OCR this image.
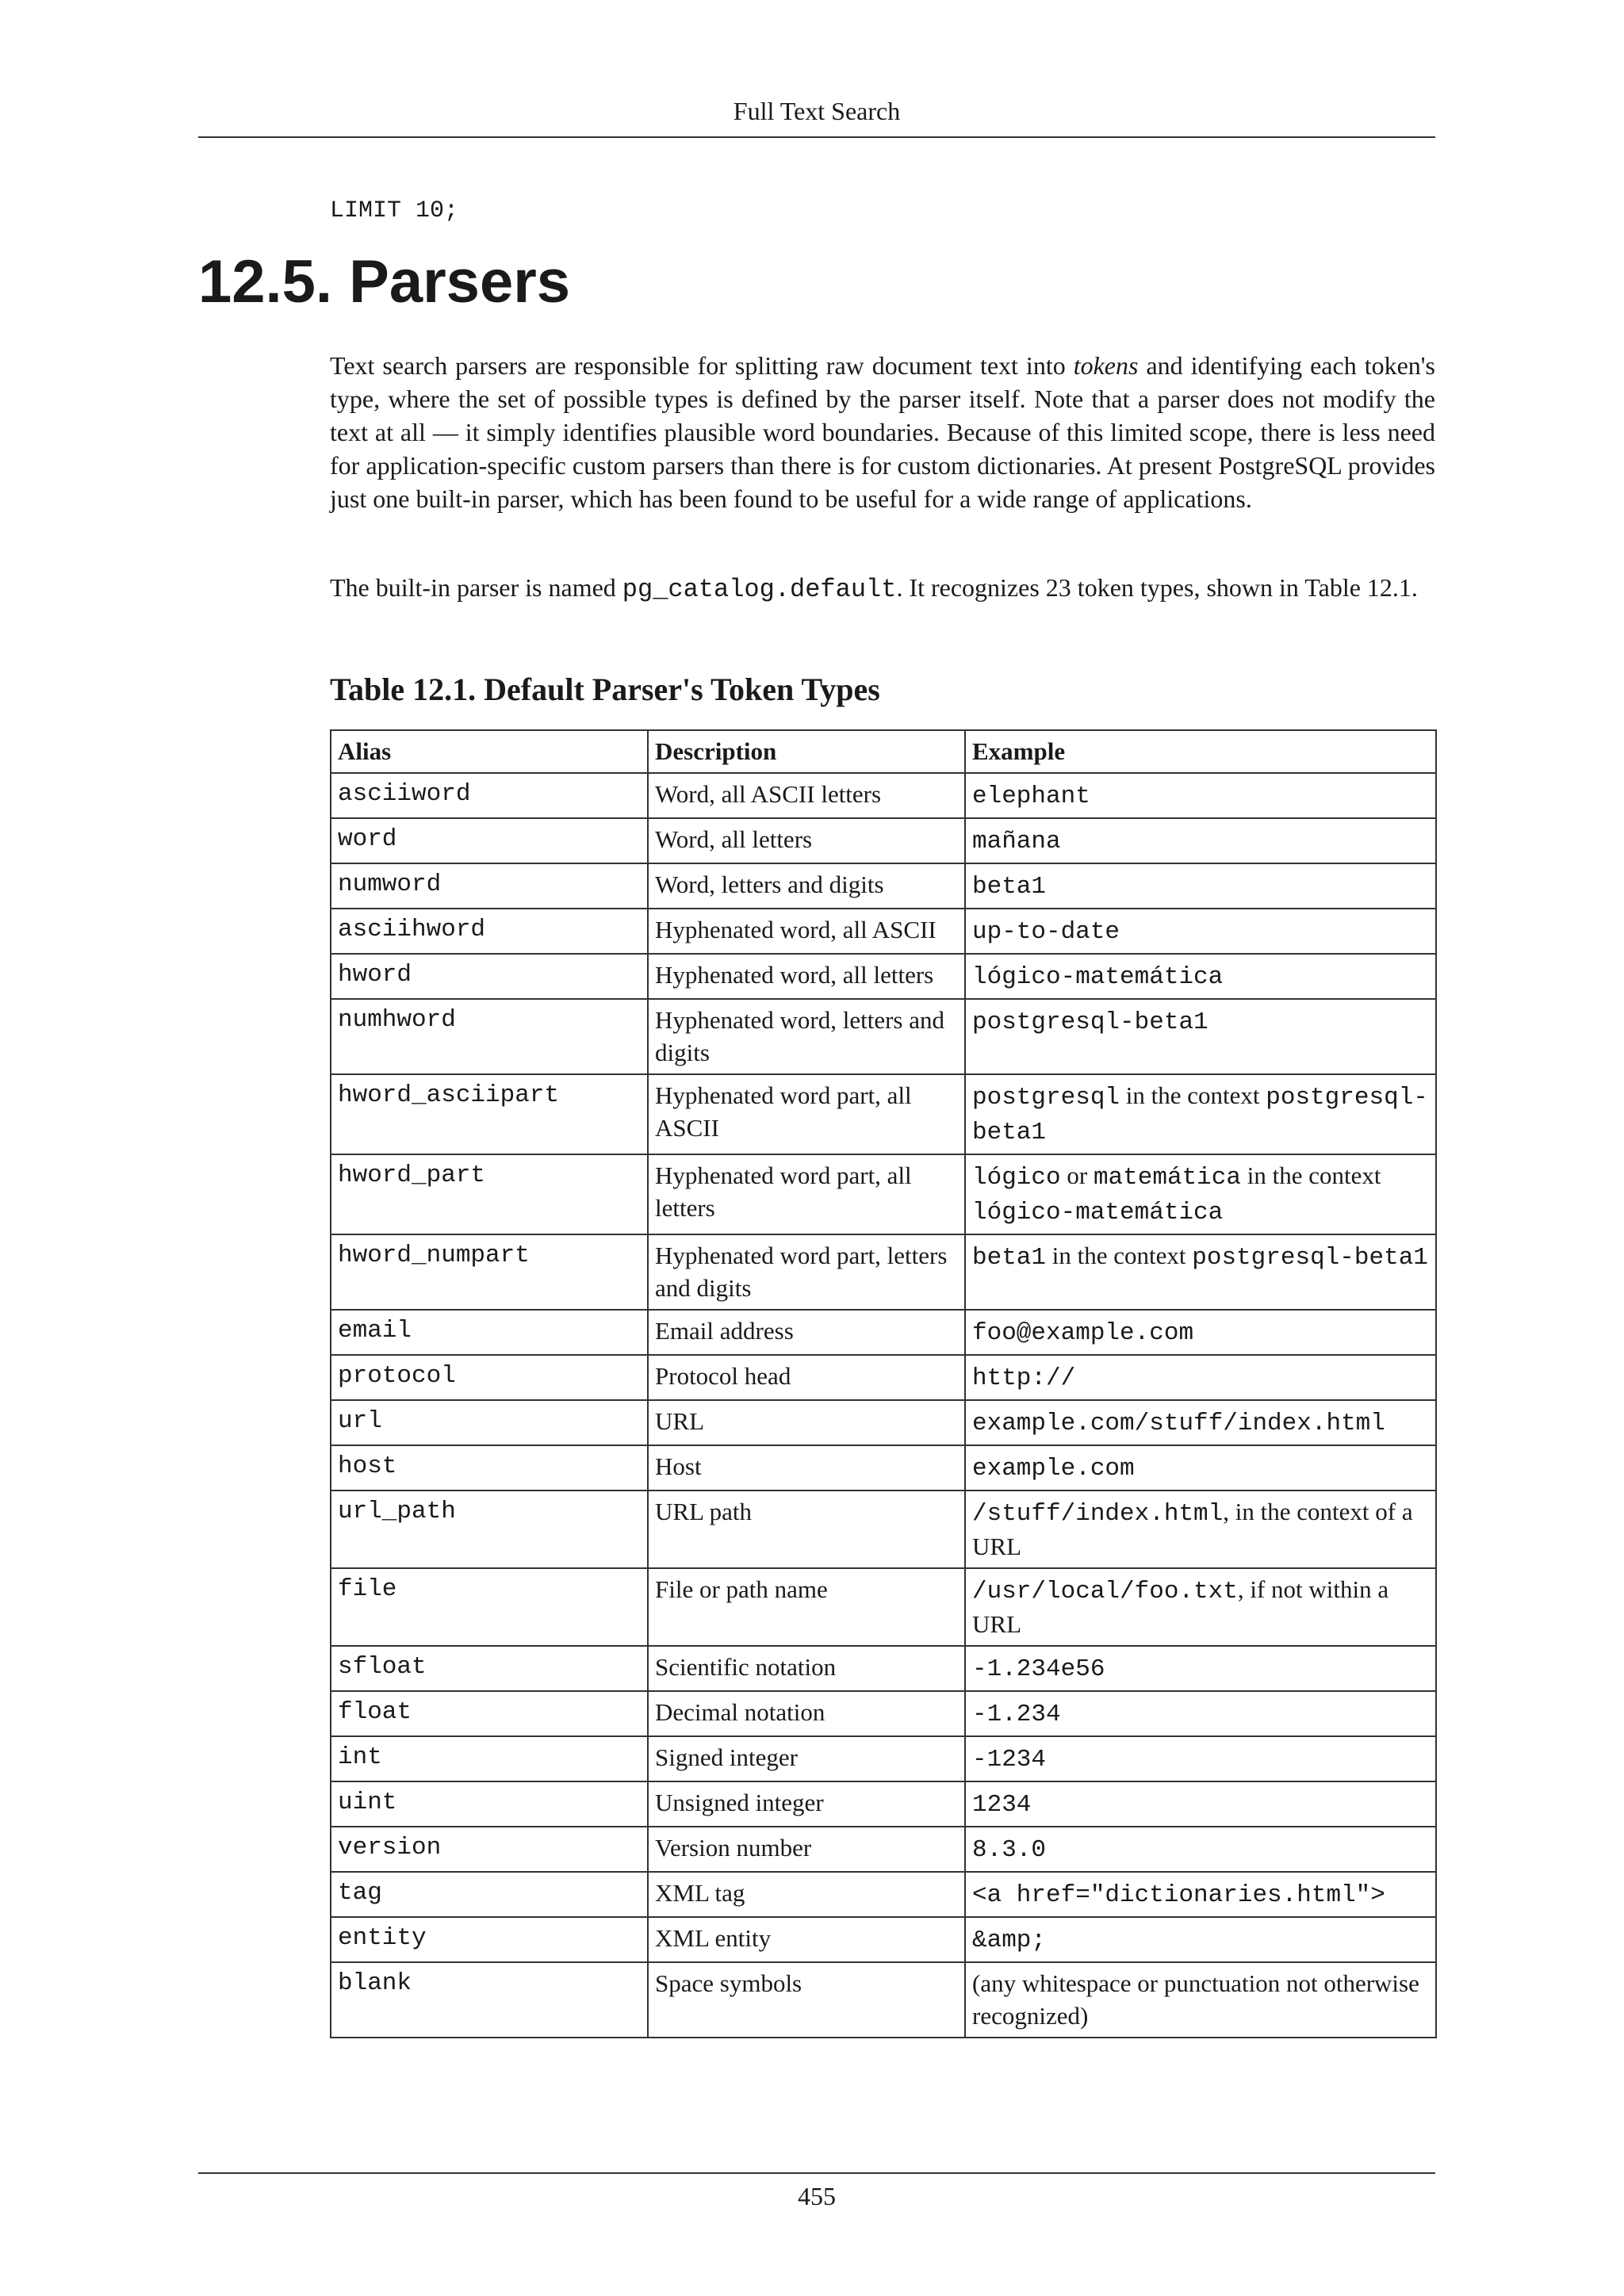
Full Text Search
LIMIT 10;
12.5. Parsers

Text search parsers are responsible for splitting raw document text into tokens and identifying each token's type, where the set of possible types is defined by the parser itself. Note that a parser does not modify the text at all — it simply identifies plausible word boundaries. Because of this limited scope, there is less need for application-specific custom parsers than there is for custom dictionaries. At present PostgreSQL provides just one built-in parser, which has been found to be useful for a wide range of applications.

The built-in parser is named pg_catalog.default. It recognizes 23 token types, shown in Table 12.1.

Table 12.1. Default Parser's Token Types
Alias	Description	Example
asciiword	Word, all ASCII letters	elephant
word	Word, all letters	mañana
numword	Word, letters and digits	beta1
asciihword	Hyphenated word, all ASCII	up-to-date
hword	Hyphenated word, all letters	lógico-matemática
numhword	Hyphenated word, letters and digits	postgresql-beta1
hword_asciipart	Hyphenated word part, all ASCII	postgresql in the context postgresql-beta1
hword_part	Hyphenated word part, all letters	lógico or matemática in the context lógico-matemática
hword_numpart	Hyphenated word part, letters and digits	beta1 in the context postgresql-beta1
email	Email address	foo@example.com
protocol	Protocol head	http://
url	URL	example.com/stuff/index.html
host	Host	example.com
url_path	URL path	/stuff/index.html, in the context of a URL
file	File or path name	/usr/local/foo.txt, if not within a URL
sfloat	Scientific notation	-1.234e56
float	Decimal notation	-1.234
int	Signed integer	-1234
uint	Unsigned integer	1234
version	Version number	8.3.0
tag	XML tag	<a href="dictionaries.html">
entity	XML entity	&amp;
blank	Space symbols	(any whitespace or punctuation not otherwise recognized)
455
